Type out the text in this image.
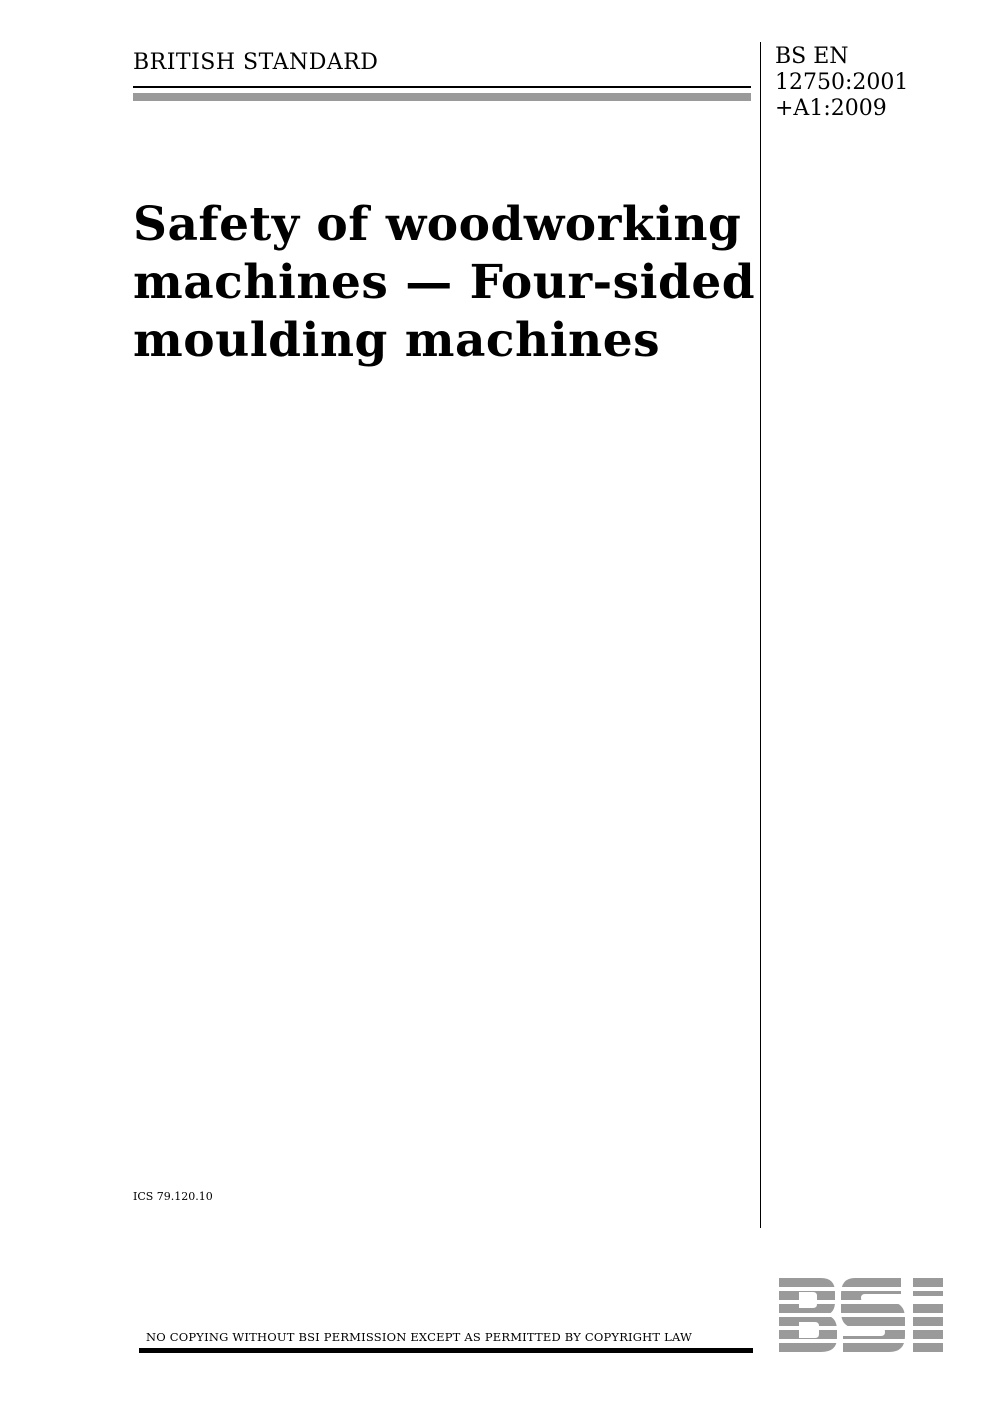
BRITISH STANDARD	BS EN
12750:2001
+A1:2009
Safety of woodworking
machines — Four-sided
moulding machines
ICS 79.120.10
NO COPYING WITHOUT BSI PERMISSION EXCEPT AS PERMITTED BY COPYRIGHT LAW
